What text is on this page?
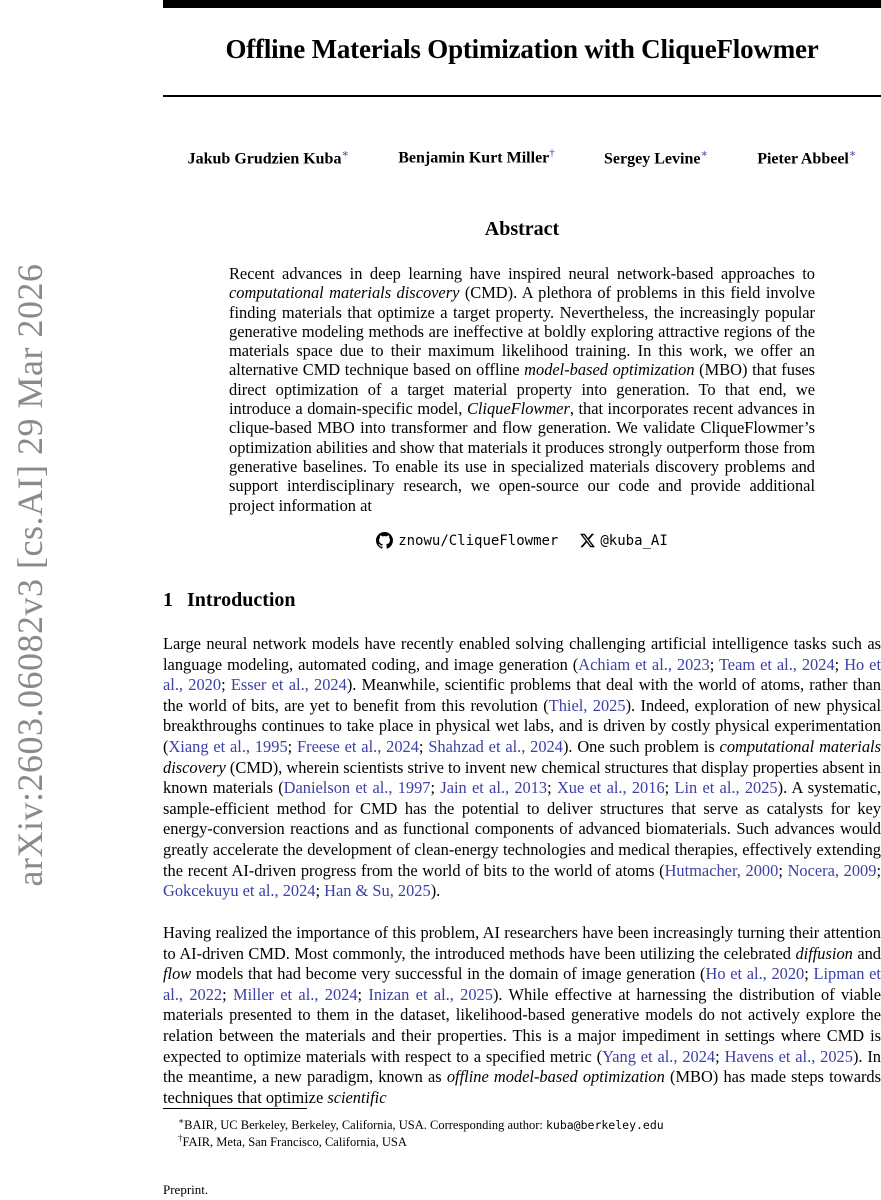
arXiv:2603.06082v3 [cs.AI] 29 Mar 2026
Offline Materials Optimization with CliqueFlowmer
Jakub Grudzien Kuba∗	Benjamin Kurt Miller†	Sergey Levine∗	Pieter Abbeel∗
Abstract
Recent advances in deep learning have inspired neural network-based approaches to computational materials discovery (CMD). A plethora of problems in this field involve finding materials that optimize a target property. Nevertheless, the increasingly popular generative modeling methods are ineffective at boldly exploring attractive regions of the materials space due to their maximum likelihood training. In this work, we offer an alternative CMD technique based on offline model-based optimization (MBO) that fuses direct optimization of a target material property into generation. To that end, we introduce a domain-specific model, CliqueFlowmer, that incorporates recent advances in clique-based MBO into transformer and flow generation. We validate CliqueFlowmer’s optimization abilities and show that materials it produces strongly outperform those from generative baselines. To enable its use in specialized materials discovery problems and support interdisciplinary research, we open-source our code and provide additional project information at
znowu/CliqueFlowmer	@kuba_AI
1 Introduction
Large neural network models have recently enabled solving challenging artificial intelligence tasks such as language modeling, automated coding, and image generation (Achiam et al., 2023; Team et al., 2024; Ho et al., 2020; Esser et al., 2024). Meanwhile, scientific problems that deal with the world of atoms, rather than the world of bits, are yet to benefit from this revolution (Thiel, 2025). Indeed, exploration of new physical breakthroughs continues to take place in physical wet labs, and is driven by costly physical experimentation (Xiang et al., 1995; Freese et al., 2024; Shahzad et al., 2024). One such problem is computational materials discovery (CMD), wherein scientists strive to invent new chemical structures that display properties absent in known materials (Danielson et al., 1997; Jain et al., 2013; Xue et al., 2016; Lin et al., 2025). A systematic, sample-efficient method for CMD has the potential to deliver structures that serve as catalysts for key energy-conversion reactions and as functional components of advanced biomaterials. Such advances would greatly accelerate the development of clean-energy technologies and medical therapies, effectively extending the recent AI-driven progress from the world of bits to the world of atoms (Hutmacher, 2000; Nocera, 2009; Gokcekuyu et al., 2024; Han & Su, 2025).
Having realized the importance of this problem, AI researchers have been increasingly turning their attention to AI-driven CMD. Most commonly, the introduced methods have been utilizing the celebrated diffusion and flow models that had become very successful in the domain of image generation (Ho et al., 2020; Lipman et al., 2022; Miller et al., 2024; Inizan et al., 2025). While effective at harnessing the distribution of viable materials presented to them in the dataset, likelihood-based generative models do not actively explore the relation between the materials and their properties. This is a major impediment in settings where CMD is expected to optimize materials with respect to a specified metric (Yang et al., 2024; Havens et al., 2025). In the meantime, a new paradigm, known as offline model-based optimization (MBO) has made steps towards techniques that optimize scientific
∗BAIR, UC Berkeley, Berkeley, California, USA. Corresponding author: kuba@berkeley.edu
†FAIR, Meta, San Francisco, California, USA
Preprint.
